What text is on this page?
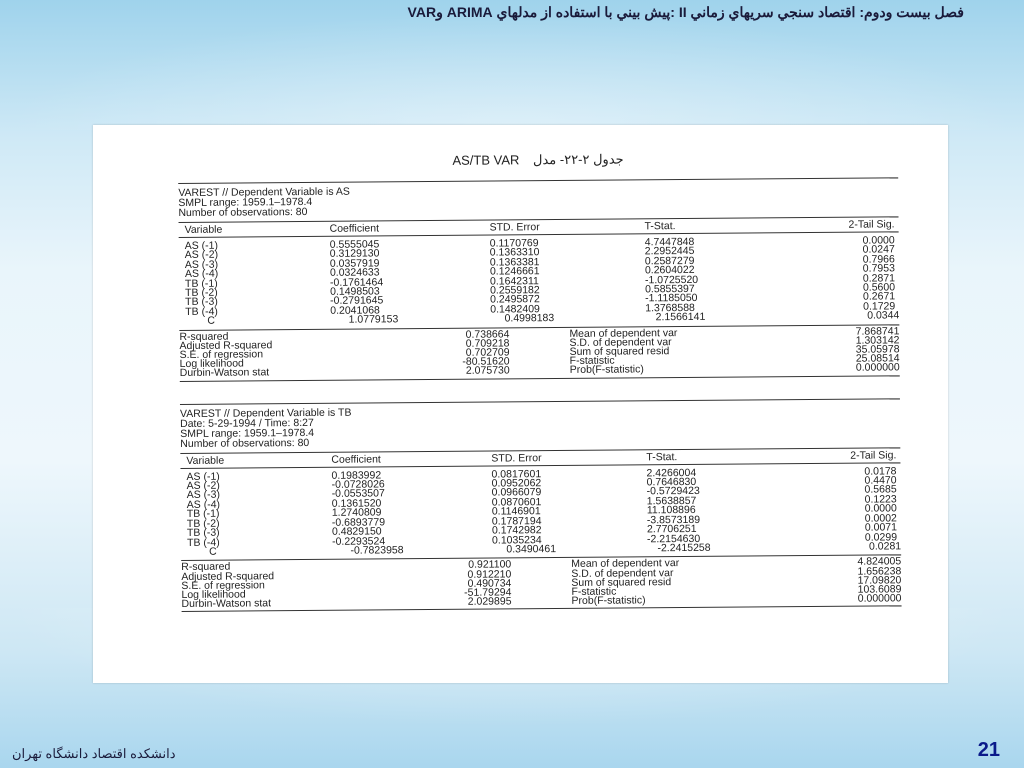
فصل بيست ودوم: اقتصاد سنجي سريهاي زماني II :پيش بيني با استفاده از مدلهاي ARIMA وVAR
AS/TB VAR جدول ۲-۲۲- مدل
VAREST // Dependent Variable is AS
SMPL range: 1959.1–1978.4
Number of observations: 80
Variable	Coefficient	STD. Error	T-Stat.	2-Tail Sig.
AS (-1)	0.5555045	0.1170769	4.7447848	0.0000
AS (-2)	0.3129130	0.1363310	2.2952445	0.0247
AS (-3)	0.0357919	0.1363381	0.2587279	0.7966
AS (-4)	0.0324633	0.1246661	0.2604022	0.7953
TB (-1)	-0.1761464	0.1642311	-1.0725520	0.2871
TB (-2)	0.1498503	0.2559182	0.5855397	0.5600
TB (-3)	-0.2791645	0.2495872	-1.1185050	0.2671
TB (-4)	0.2041068	0.1482409	1.3768588	0.1729
C	1.0779153	0.4998183	2.1566141	0.0344
R-squared	0.738664	Mean of dependent var	7.868741
Adjusted R-squared	0.709218	S.D. of dependent var	1.303142
S.E. of regression	0.702709	Sum of squared resid	35.05978
Log likelihood	-80.51620	F-statistic	25.08514
Durbin-Watson stat	2.075730	Prob(F-statistic)	0.000000
VAREST // Dependent Variable is TB
Date: 5-29-1994 / Time: 8:27
SMPL range: 1959.1–1978.4
Number of observations: 80
Variable	Coefficient	STD. Error	T-Stat.	2-Tail Sig.
AS (-1)	0.1983992	0.0817601	2.4266004	0.0178
AS (-2)	-0.0728026	0.0952062	0.7646830	0.4470
AS (-3)	-0.0553507	0.0966079	-0.5729423	0.5685
AS (-4)	0.1361520	0.0870601	1.5638857	0.1223
TB (-1)	1.2740809	0.1146901	11.108896	0.0000
TB (-2)	-0.6893779	0.1787194	-3.8573189	0.0002
TB (-3)	0.4829150	0.1742982	2.7706251	0.0071
TB (-4)	-0.2293524	0.1035234	-2.2154630	0.0299
C	-0.7823958	0.3490461	-2.2415258	0.0281
R-squared	0.921100	Mean of dependent var	4.824005
Adjusted R-squared	0.912210	S.D. of dependent var	1.656238
S.E. of regression	0.490734	Sum of squared resid	17.09820
Log likelihood	-51.79294	F-statistic	103.6089
Durbin-Watson stat	2.029895	Prob(F-statistic)	0.000000
دانشکده اقتصاد دانشگاه تهران	21
